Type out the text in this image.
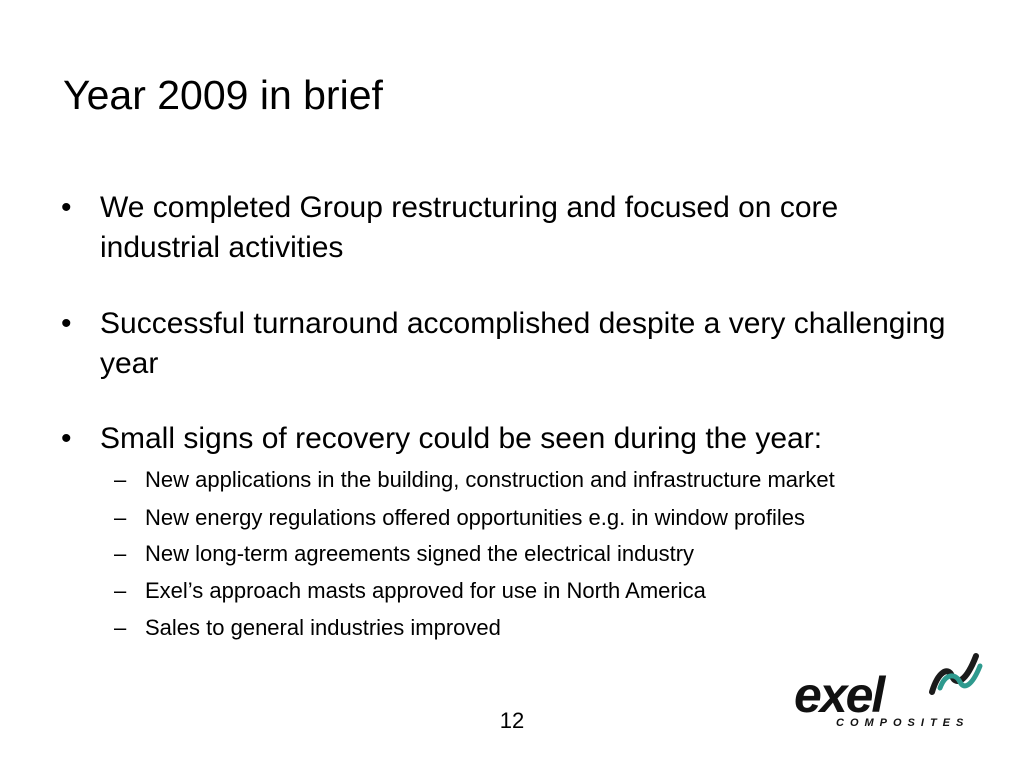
Year 2009 in brief
• We completed Group restructuring and focused on core industrial activities
• Successful turnaround accomplished despite a very challenging year
• Small signs of recovery could be seen during the year:
– New applications in the building, construction and infrastructure market
– New energy regulations offered opportunities e.g. in window profiles
– New long-term agreements signed the electrical industry
– Exel’s approach masts approved for use in North America
– Sales to general industries improved
12	exel
COMPOSITES
